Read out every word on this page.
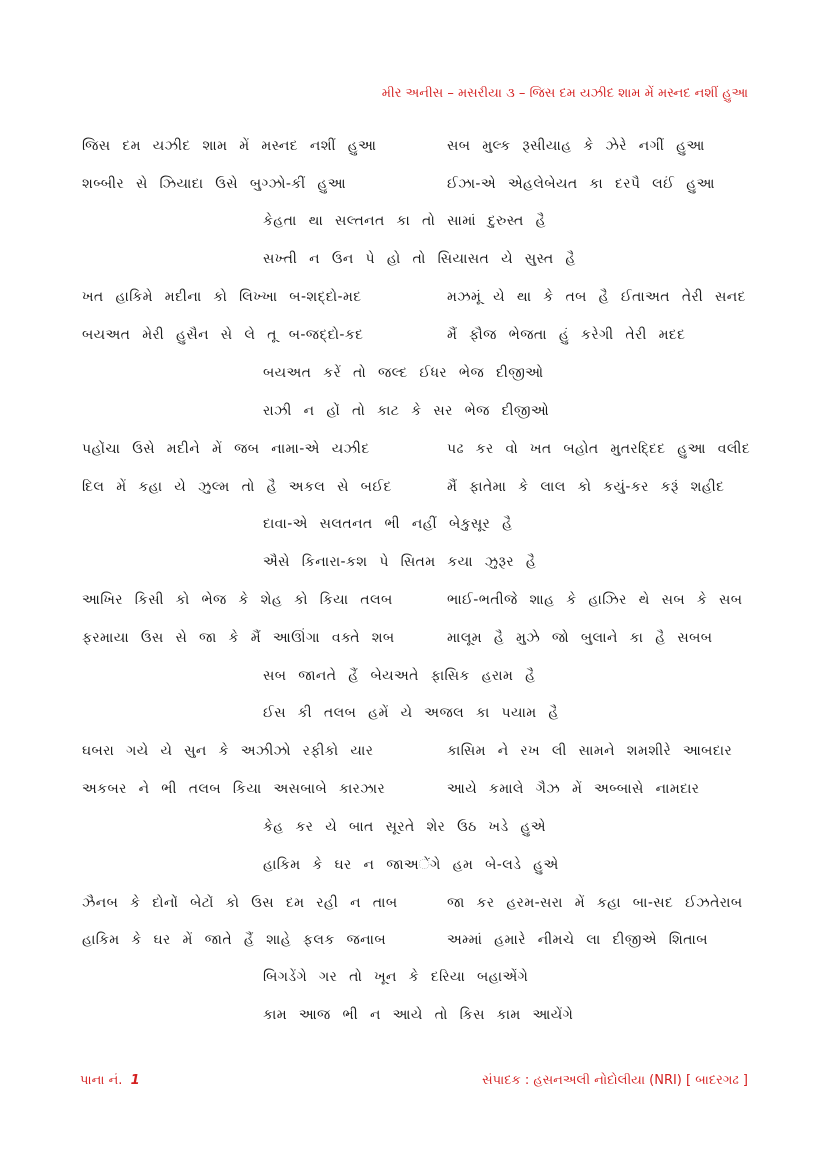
મીર અનીસ – મસરીયા ૩ – જિસ દમ યઝીદ શામ મેં મસ્નદ નશીં હુઆ
જિસ દમ યઝીદ શામ મેં મસ્નદ નશીં હુઆ	સબ મુલ્ક રૂસીયાહ કે ઝેરે નગીં હુઆ
શબ્બીર સે ઝિયાદા ઉસે બુગ્ઝો-કીં હુઆ	ઈઝા-એ એહલેબેયત કા દરપૈ લઈં હુઆ
કેહતા થા સલ્તનત કા તો સામાં દુરુસ્ત હૈ
સખ્તી ન ઉન પે હો તો સિયાસત યે સુસ્ત હૈ
ખત હાકિમે મદીના કો લિખ્ખા બ-શદ્દો-મદ	મઝમૂં યે થા કે તબ હૈ ઈતાઅત તેરી સનદ
બયઅત મેરી હુસૈન સે લે તૂ બ-જદ્દો-કદ	મૈં ફૌજ ભેજતા હું કરેગી તેરી મદદ
બયઅત કરેં તો જલ્દ ઈધર ભેજ દીજીઓ
રાઝી ન હોં તો કાટ કે સર ભેજ દીજીઓ
પહોંચા ઉસે મદીને મેં જબ નામા-એ યઝીદ	પઢ કર વો ખત બહોત મુતરદ્દિદ હુઆ વલીદ
દિલ મેં કહા યે ઝુલ્મ તો હૈ અકલ સે બઈદ	મૈં ફાતેમા કે લાલ કો કયું-કર કરૂં શહીદ
દાવા-એ સલતનત ભી નહીં બેકુસૂર હૈ
ઐસે કિનારા-કશ પે સિતમ કયા ઝુરૂર હૈ
આખિર કિસી કો ભેજ કે શેહ કો કિયા તલબ	ભાઈ-ભતીજે શાહ કે હાઝિર થે સબ કે સબ
ફરમાયા ઉસ સે જા કે મૈં આઊંગા વક્તે શબ	માલૂમ હૈ મુઝે જો બુલાને કા હૈ સબબ
સબ જાનતે હૈં બેયઅતે ફાસિક હરામ હૈ
ઈસ કી તલબ હમેં યે અજલ કા પયામ હૈ
ઘબરા ગયે યે સુન કે અઝીઝો રફીકો યાર	કાસિમ ને રખ લી સામને શમશીરે આબદાર
અકબર ને ભી તલબ કિયા અસબાબે કારઝાર	આયે કમાલે ગૈઝ મેં અબ્બાસે નામદાર
કેહ કર યે બાત સૂરતે શેર ઉઠ ખડે હુએ
હાકિમ કે ઘર ન જાઅેંગે હમ બે-લડે હુએ
ઝૈનબ કે દોનોં બેટોં કો ઉસ દમ રહી ન તાબ	જા કર હરમ-સરા મેં કહા બા-સદ ઈઝતેરાબ
હાકિમ કે ઘર મેં જાતે હૈં શાહે ફલક જનાબ	અમ્માં હમારે નીમચે લા દીજીએ શિતાબ
બિગડેંગે ગર તો ખૂન કે દરિયા બહાએંગે
કામ આજ ભી ન આયે તો કિસ કામ આયેંગે
પાના નં. 1	સંપાદક : હસનઅલી નોદોલીયા (NRI) [ બાદરગઢ ]
